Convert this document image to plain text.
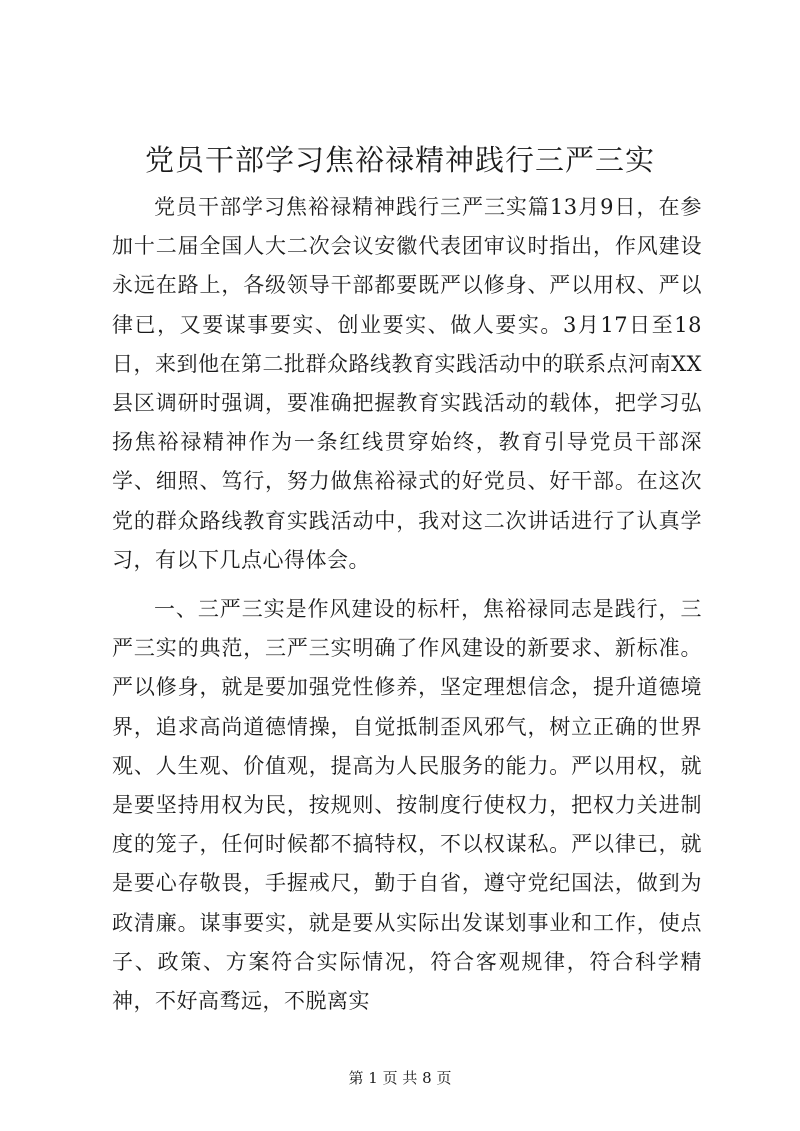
党员干部学习焦裕禄精神践行三严三实

党员干部学习焦裕禄精神践行三严三实篇13月9日，在参加十二届全国人大二次会议安徽代表团审议时指出，作风建设永远在路上，各级领导干部都要既严以修身、严以用权、严以律已，又要谋事要实、创业要实、做人要实。3月17日至18日，来到他在第二批群众路线教育实践活动中的联系点河南XX县区调研时强调，要准确把握教育实践活动的载体，把学习弘扬焦裕禄精神作为一条红线贯穿始终，教育引导党员干部深学、细照、笃行，努力做焦裕禄式的好党员、好干部。在这次党的群众路线教育实践活动中，我对这二次讲话进行了认真学习，有以下几点心得体会。

一、三严三实是作风建设的标杆，焦裕禄同志是践行，三严三实的典范，三严三实明确了作风建设的新要求、新标准。严以修身，就是要加强党性修养，坚定理想信念，提升道德境界，追求高尚道德情操，自觉抵制歪风邪气，树立正确的世界观、人生观、价值观，提高为人民服务的能力。严以用权，就是要坚持用权为民，按规则、按制度行使权力，把权力关进制度的笼子，任何时候都不搞特权，不以权谋私。严以律已，就是要心存敬畏，手握戒尺，勤于自省，遵守党纪国法，做到为政清廉。谋事要实，就是要从实际出发谋划事业和工作，使点子、政策、方案符合实际情况，符合客观规律，符合科学精神，不好高骛远，不脱离实

第 1 页 共 8 页
